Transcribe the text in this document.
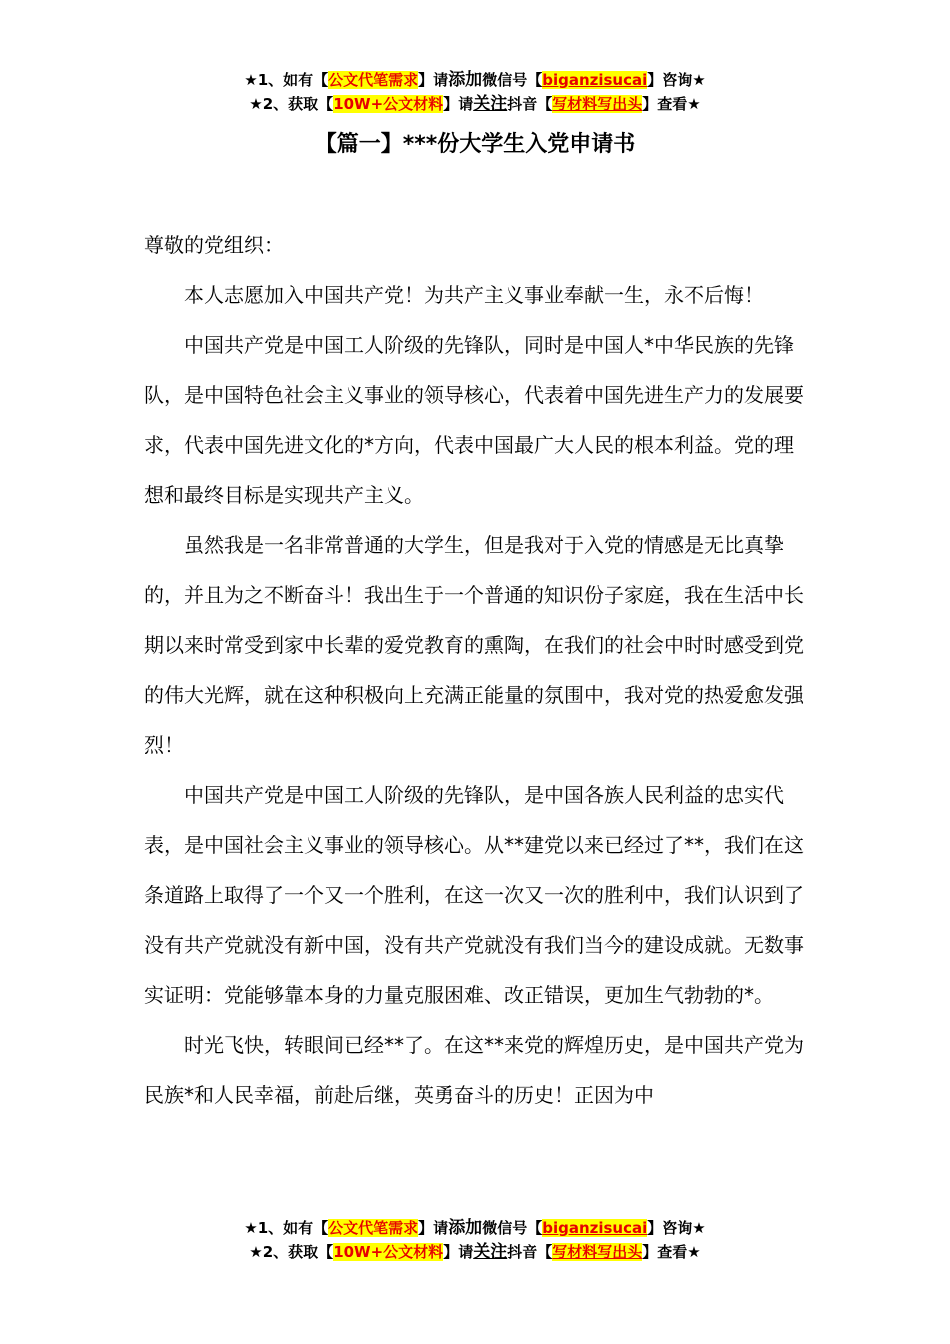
★1、如有【公文代笔需求】请添加微信号【biganzisucai】咨询★
★2、获取【10W+公文材料】请关注抖音【写材料写出头】查看★
【篇一】***份大学生入党申请书

尊敬的党组织：

本人志愿加入中国共产党！为共产主义事业奉献一生，永不后悔！

中国共产党是中国工人阶级的先锋队，同时是中国人*中华民族的先锋队，是中国特色社会主义事业的领导核心，代表着中国先进生产力的发展要求，代表中国先进文化的*方向，代表中国最广大人民的根本利益。党的理想和最终目标是实现共产主义。

虽然我是一名非常普通的大学生，但是我对于入党的情感是无比真挚的，并且为之不断奋斗！我出生于一个普通的知识份子家庭，我在生活中长期以来时常受到家中长辈的爱党教育的熏陶，在我们的社会中时时感受到党的伟大光辉，就在这种积极向上充满正能量的氛围中，我对党的热爱愈发强烈！

中国共产党是中国工人阶级的先锋队，是中国各族人民利益的忠实代表，是中国社会主义事业的领导核心。从**建党以来已经过了**，我们在这条道路上取得了一个又一个胜利，在这一次又一次的胜利中，我们认识到了没有共产党就没有新中国，没有共产党就没有我们当今的建设成就。无数事实证明：党能够靠本身的力量克服困难、改正错误，更加生气勃勃的*。

时光飞快，转眼间已经**了。在这**来党的辉煌历史，是中国共产党为民族*和人民幸福，前赴后继，英勇奋斗的历史！正因为中

★1、如有【公文代笔需求】请添加微信号【biganzisucai】咨询★
★2、获取【10W+公文材料】请关注抖音【写材料写出头】查看★
